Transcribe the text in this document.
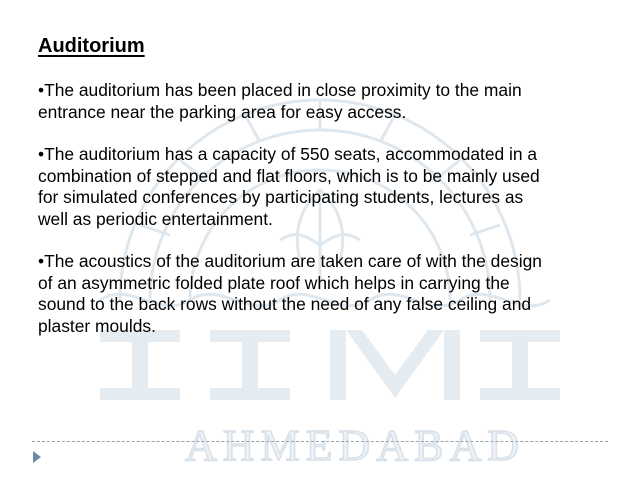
AHMEDABAD
Auditorium
•The auditorium has been placed in close proximity to the main
entrance near the parking area for easy access.
•The auditorium has a capacity of 550 seats, accommodated in a
combination of stepped and flat floors, which is to be mainly used
for simulated conferences by participating students, lectures as
well as periodic entertainment.
•The acoustics of the auditorium are taken care of with the design
of an asymmetric folded plate roof which helps in carrying the
sound to the back rows without the need of any false ceiling and
plaster moulds.
